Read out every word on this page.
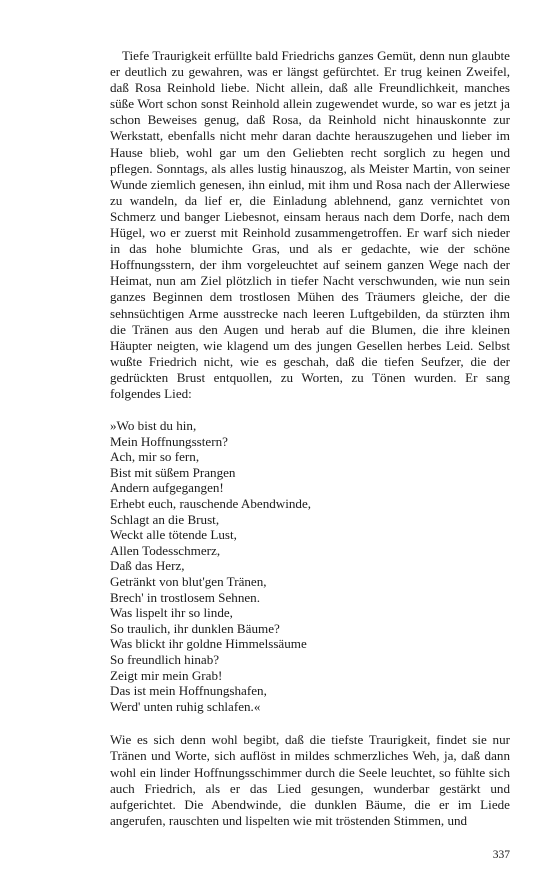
Tiefe Traurigkeit erfüllte bald Friedrichs ganzes Gemüt, denn nun glaubte er deutlich zu gewahren, was er längst gefürchtet. Er trug keinen Zweifel, daß Rosa Reinhold liebe. Nicht allein, daß alle Freundlichkeit, manches süße Wort schon sonst Reinhold allein zugewendet wurde, so war es jetzt ja schon Beweises genug, daß Rosa, da Reinhold nicht hinauskonnte zur Werkstatt, ebenfalls nicht mehr daran dachte herauszugehen und lieber im Hause blieb, wohl gar um den Geliebten recht sorglich zu hegen und pflegen. Sonntags, als alles lustig hinauszog, als Meister Martin, von seiner Wunde ziemlich genesen, ihn einlud, mit ihm und Rosa nach der Allerwiese zu wandeln, da lief er, die Einladung ablehnend, ganz vernichtet von Schmerz und banger Liebesnot, einsam heraus nach dem Dorfe, nach dem Hügel, wo er zuerst mit Reinhold zusammengetroffen. Er warf sich nieder in das hohe blumichte Gras, und als er gedachte, wie der schöne Hoffnungsstern, der ihm vorgeleuchtet auf seinem ganzen Wege nach der Heimat, nun am Ziel plötzlich in tiefer Nacht verschwunden, wie nun sein ganzes Beginnen dem trostlosen Mühen des Träumers gleiche, der die sehnsüchtigen Arme ausstrecke nach leeren Luftgebilden, da stürzten ihm die Tränen aus den Augen und herab auf die Blumen, die ihre kleinen Häupter neigten, wie klagend um des jungen Gesellen herbes Leid. Selbst wußte Friedrich nicht, wie es geschah, daß die tiefen Seufzer, die der gedrückten Brust entquollen, zu Worten, zu Tönen wurden. Er sang folgendes Lied:

»Wo bist du hin,
Mein Hoffnungsstern?
Ach, mir so fern,
Bist mit süßem Prangen
Andern aufgegangen!
Erhebt euch, rauschende Abendwinde,
Schlagt an die Brust,
Weckt alle tötende Lust,
Allen Todesschmerz,
Daß das Herz,
Getränkt von blut'gen Tränen,
Brech' in trostlosem Sehnen.
Was lispelt ihr so linde,
So traulich, ihr dunklen Bäume?
Was blickt ihr goldne Himmelssäume
So freundlich hinab?
Zeigt mir mein Grab!
Das ist mein Hoffnungshafen,
Werd' unten ruhig schlafen.«

Wie es sich denn wohl begibt, daß die tiefste Traurigkeit, findet sie nur Tränen und Worte, sich auflöst in mildes schmerzliches Weh, ja, daß dann wohl ein linder Hoffnungsschimmer durch die Seele leuchtet, so fühlte sich auch Friedrich, als er das Lied gesungen, wunderbar gestärkt und aufgerichtet. Die Abendwinde, die dunklen Bäume, die er im Liede angerufen, rauschten und lispelten wie mit tröstenden Stimmen, und

337
